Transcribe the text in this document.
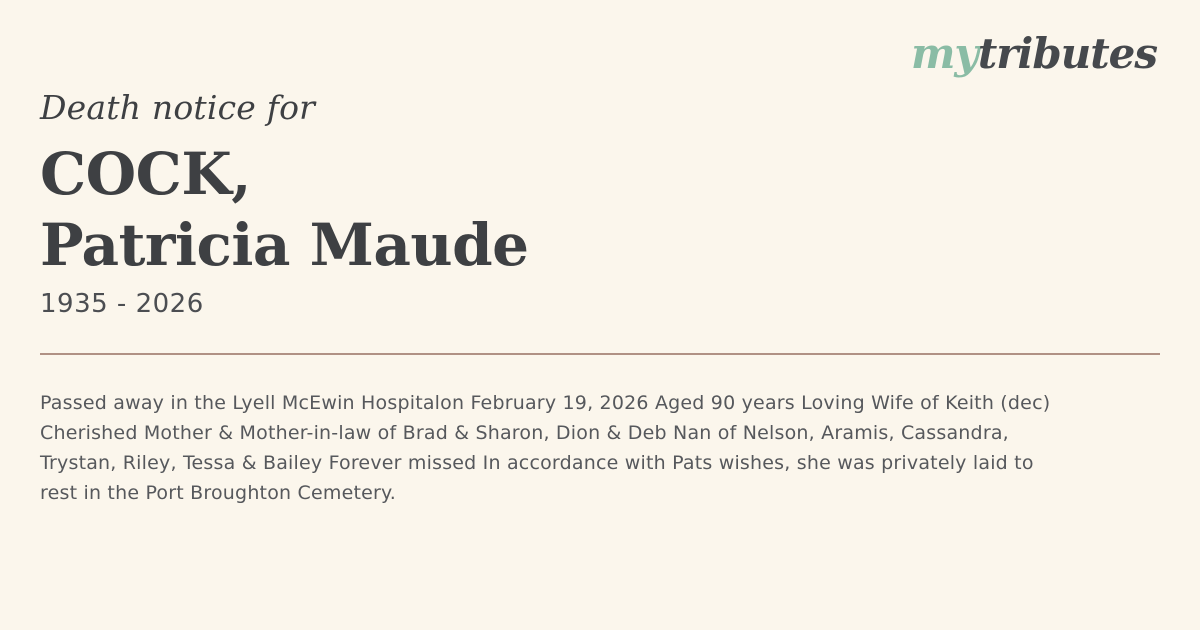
mytributes
Death notice for
COCK,
Patricia Maude
1935 - 2026
Passed away in the Lyell McEwin Hospitalon February 19, 2026 Aged 90 years Loving Wife of Keith (dec)
Cherished Mother & Mother-in-law of Brad & Sharon, Dion & Deb Nan of Nelson, Aramis, Cassandra,
Trystan, Riley, Tessa & Bailey Forever missed In accordance with Pats wishes, she was privately laid to
rest in the Port Broughton Cemetery.
